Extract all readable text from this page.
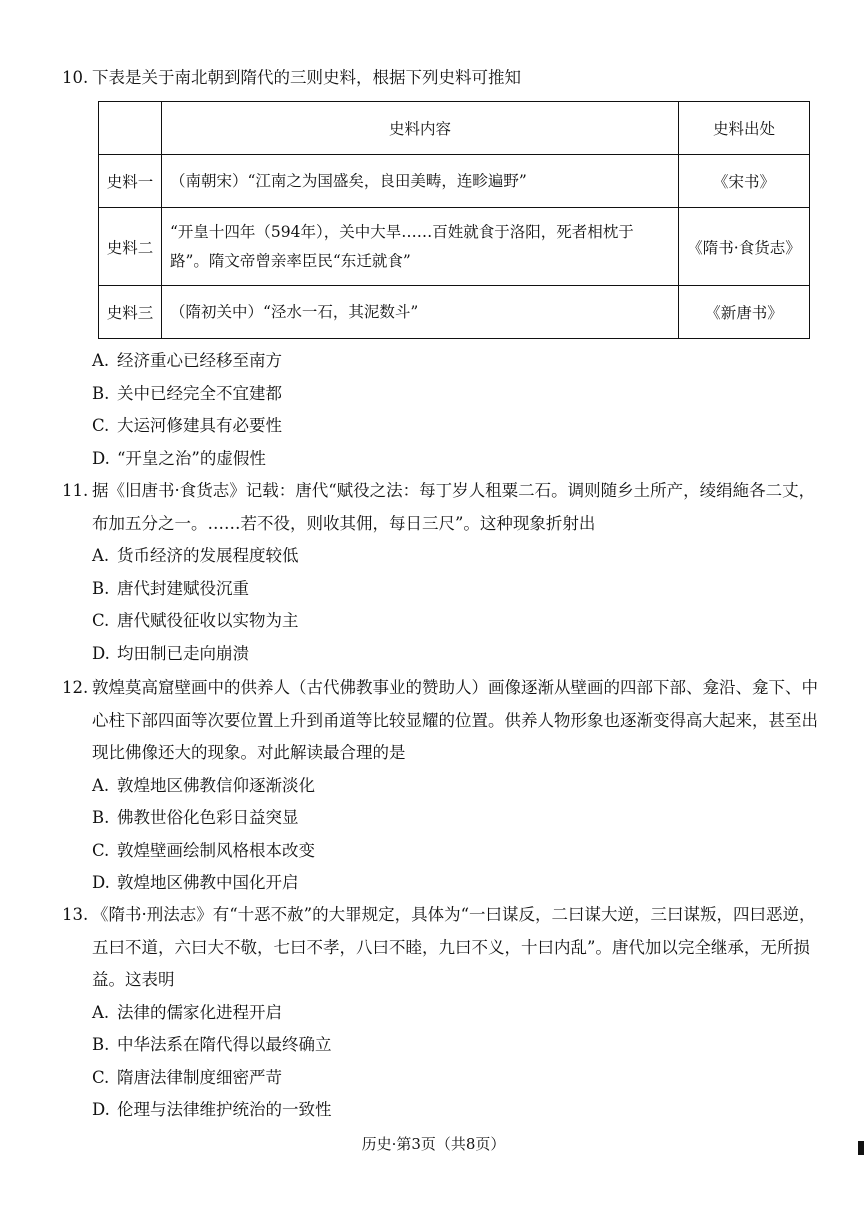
10. 下表是关于南北朝到隋代的三则史料，根据下列史料可推知
	史料内容	史料出处
史料一	（南朝宋）“江南之为国盛矣，良田美畴，连畛遍野”	《宋书》
史料二	“开皇十四年（594年），关中大旱……百姓就食于洛阳，死者相枕于路”。隋文帝曾亲率臣民“东迁就食”	《隋书·食货志》
史料三	（隋初关中）“泾水一石，其泥数斗”	《新唐书》
A. 经济重心已经移至南方
B. 关中已经完全不宜建都
C. 大运河修建具有必要性
D. “开皇之治”的虚假性
11. 据《旧唐书·食货志》记载：唐代“赋役之法：每丁岁人租粟二石。调则随乡土所产，绫绢絁各二丈，布加五分之一。……若不役，则收其佣，每日三尺”。这种现象折射出
A. 货币经济的发展程度较低
B. 唐代封建赋役沉重
C. 唐代赋役征收以实物为主
D. 均田制已走向崩溃
12. 敦煌莫高窟壁画中的供养人（古代佛教事业的赞助人）画像逐渐从壁画的四部下部、龛沿、龛下、中心柱下部四面等次要位置上升到甬道等比较显耀的位置。供养人物形象也逐渐变得高大起来，甚至出现比佛像还大的现象。对此解读最合理的是
A. 敦煌地区佛教信仰逐渐淡化
B. 佛教世俗化色彩日益突显
C. 敦煌壁画绘制风格根本改变
D. 敦煌地区佛教中国化开启
13. 《隋书·刑法志》有“十恶不赦”的大罪规定，具体为“一曰谋反，二曰谋大逆，三曰谋叛，四曰恶逆，五曰不道，六曰大不敬，七曰不孝，八曰不睦，九曰不义，十曰内乱”。唐代加以完全继承，无所损益。这表明
A. 法律的儒家化进程开启
B. 中华法系在隋代得以最终确立
C. 隋唐法律制度细密严苛
D. 伦理与法律维护统治的一致性
历史·第3页（共8页）
